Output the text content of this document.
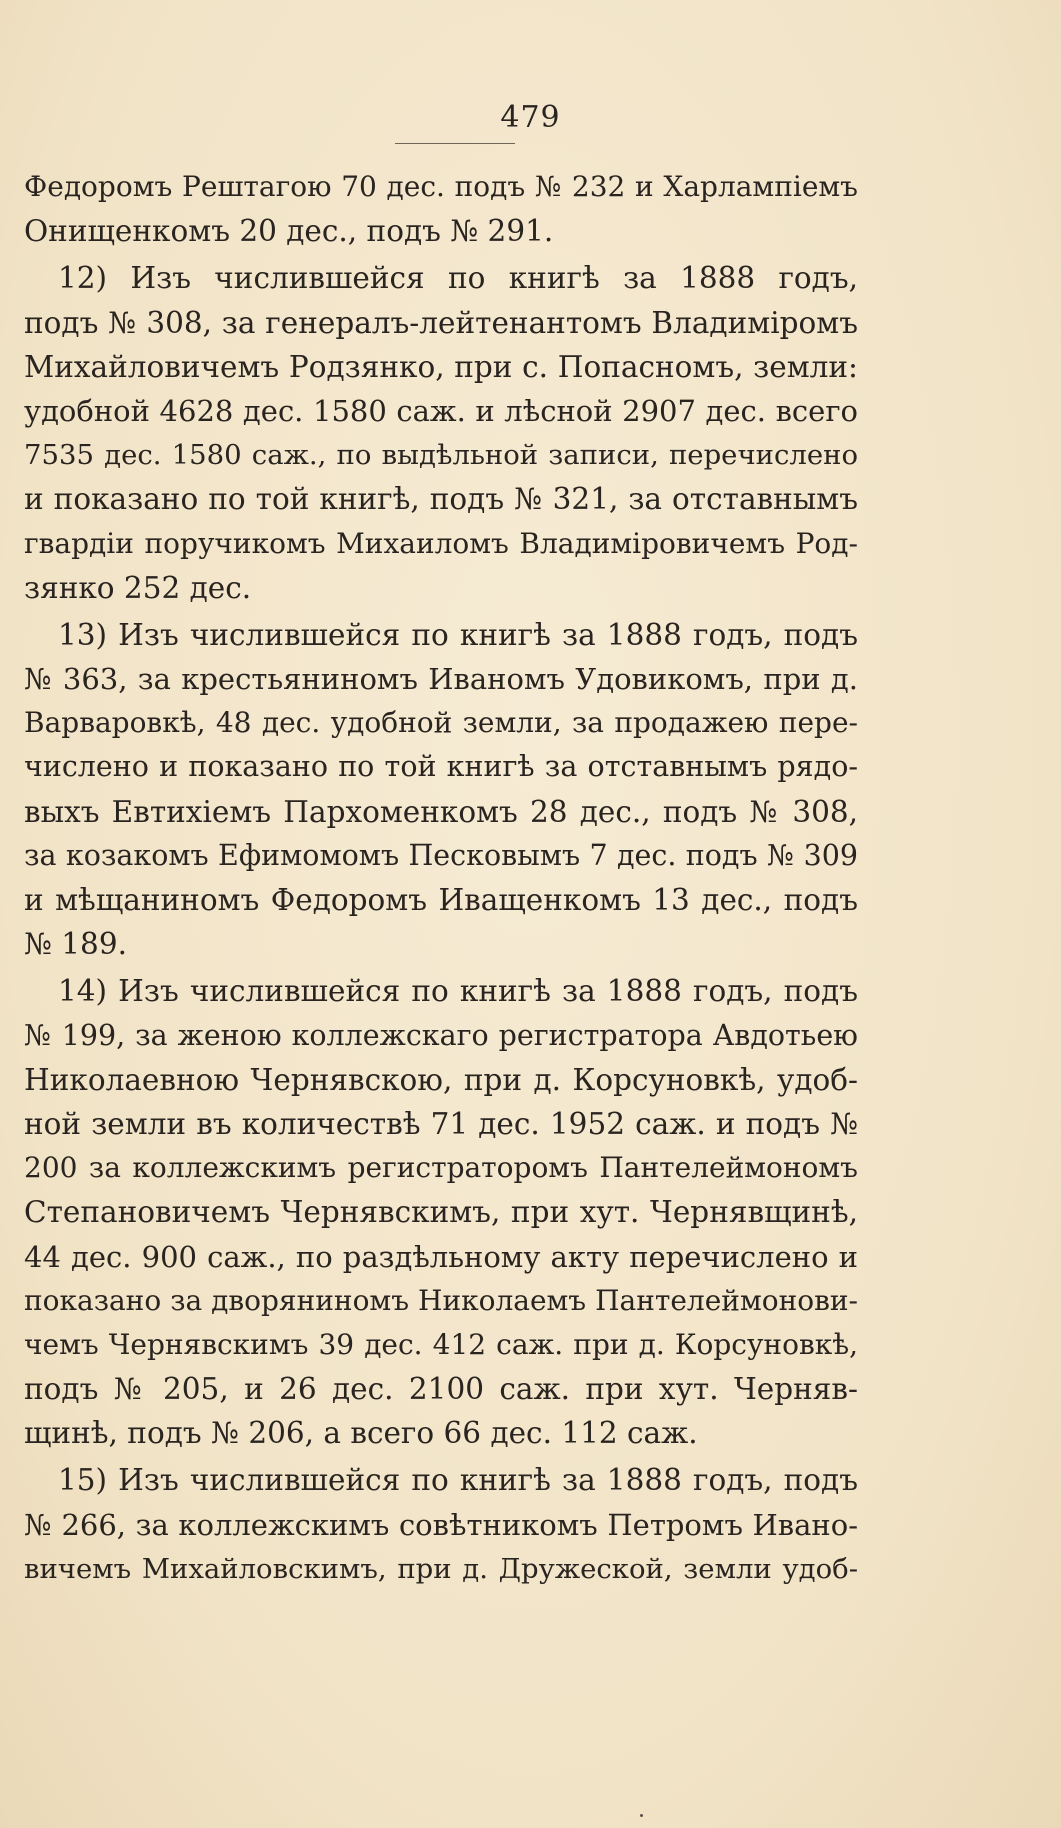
479
Федоромъ Рештагою 70 дес. подъ № 232 и Харлампіемъ
Онищенкомъ 20 дес., подъ № 291.
12) Изъ числившейся по книгѣ за 1888 годъ,
подъ № 308, за генералъ-лейтенантомъ Владиміромъ
Михайловичемъ Родзянко, при с. Попасномъ, земли:
удобной 4628 дес. 1580 саж. и лѣсной 2907 дес. всего
7535 дес. 1580 саж., по выдѣльной записи, перечислено
и показано по той книгѣ, подъ № 321, за отставнымъ
гвардіи поручикомъ Михаиломъ Владиміровичемъ Род-
зянко 252 дес.
13) Изъ числившейся по книгѣ за 1888 годъ, подъ
№ 363, за крестьяниномъ Иваномъ Удовикомъ, при д.
Варваровкѣ, 48 дес. удобной земли, за продажею пере-
числено и показано по той книгѣ за отставнымъ рядо-
выхъ Евтихіемъ Пархоменкомъ 28 дес., подъ № 308,
за козакомъ Ефимомомъ Песковымъ 7 дес. подъ № 309
и мѣщаниномъ Федоромъ Иващенкомъ 13 дес., подъ
№ 189.
14) Изъ числившейся по книгѣ за 1888 годъ, подъ
№ 199, за женою коллежскаго регистратора Авдотьею
Николаевною Чернявскою, при д. Корсуновкѣ, удоб-
ной земли въ количествѣ 71 дес. 1952 саж. и подъ №
200 за коллежскимъ регистраторомъ Пантелеймономъ
Степановичемъ Чернявскимъ, при хут. Чернявщинѣ,
44 дес. 900 саж., по раздѣльному акту перечислено и
показано за дворяниномъ Николаемъ Пантелеймонови-
чемъ Чернявскимъ 39 дес. 412 саж. при д. Корсуновкѣ,
подъ № 205, и 26 дес. 2100 саж. при хут. Черняв-
щинѣ, подъ № 206, а всего 66 дес. 112 саж.
15) Изъ числившейся по книгѣ за 1888 годъ, подъ
№ 266, за коллежскимъ совѣтникомъ Петромъ Ивано-
вичемъ Михайловскимъ, при д. Дружеской, земли удоб-
